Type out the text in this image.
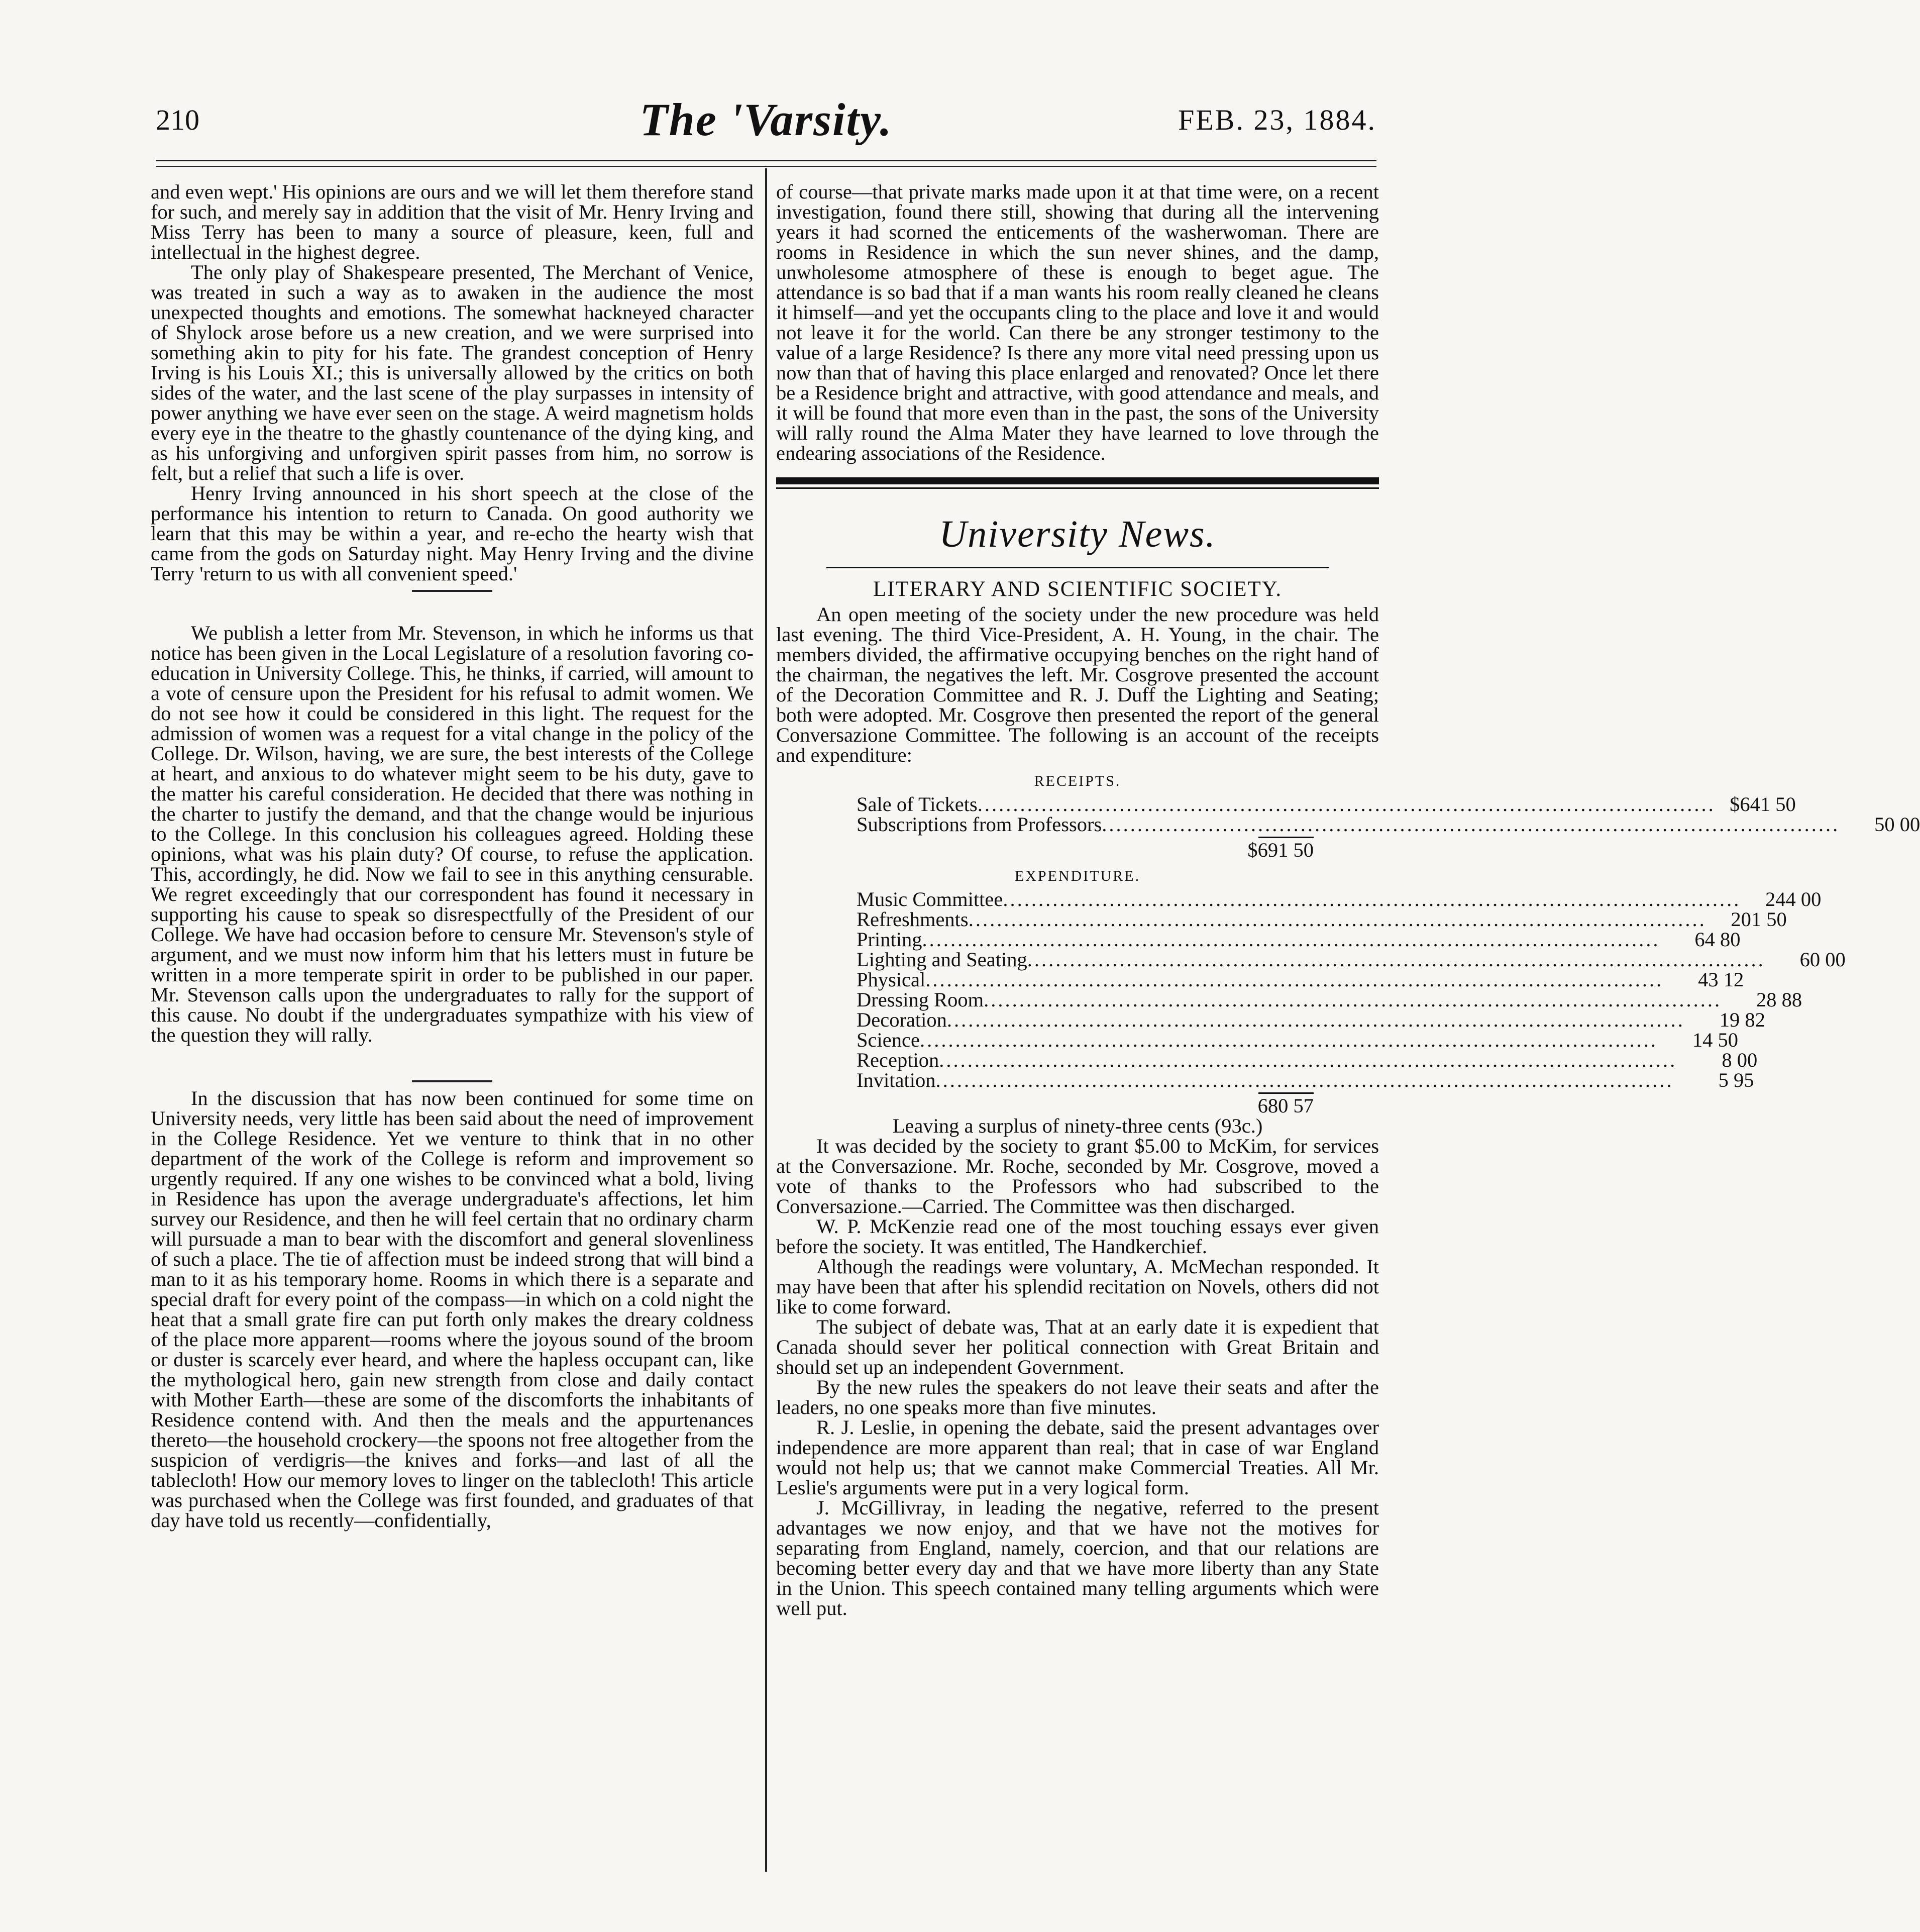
210	The 'Varsity.	FEB. 23, 1884.

and even wept.' His opinions are ours and we will let them therefore stand for such, and merely say in addition that the visit of Mr. Henry Irving and Miss Terry has been to many a source of pleasure, keen, full and intellectual in the highest degree.

The only play of Shakespeare presented, The Merchant of Venice, was treated in such a way as to awaken in the audience the most unexpected thoughts and emotions. The somewhat hackneyed character of Shylock arose before us a new creation, and we were surprised into something akin to pity for his fate. The grandest conception of Henry Irving is his Louis XI.; this is universally allowed by the critics on both sides of the water, and the last scene of the play surpasses in intensity of power anything we have ever seen on the stage. A weird magnetism holds every eye in the theatre to the ghastly countenance of the dying king, and as his unforgiving and unforgiven spirit passes from him, no sorrow is felt, but a relief that such a life is over.

Henry Irving announced in his short speech at the close of the performance his intention to return to Canada. On good authority we learn that this may be within a year, and re-echo the hearty wish that came from the gods on Saturday night. May Henry Irving and the divine Terry 'return to us with all convenient speed.'

We publish a letter from Mr. Stevenson, in which he informs us that notice has been given in the Local Legislature of a resolution favoring co-education in University College. This, he thinks, if carried, will amount to a vote of censure upon the President for his refusal to admit women. We do not see how it could be considered in this light. The request for the admission of women was a request for a vital change in the policy of the College. Dr. Wilson, having, we are sure, the best interests of the College at heart, and anxious to do whatever might seem to be his duty, gave to the matter his careful consideration. He decided that there was nothing in the charter to justify the demand, and that the change would be injurious to the College. In this conclusion his colleagues agreed. Holding these opinions, what was his plain duty? Of course, to refuse the application. This, accordingly, he did. Now we fail to see in this anything censurable. We regret exceedingly that our correspondent has found it necessary in supporting his cause to speak so disrespectfully of the President of our College. We have had occasion before to censure Mr. Stevenson's style of argument, and we must now inform him that his letters must in future be written in a more temperate spirit in order to be published in our paper. Mr. Stevenson calls upon the undergraduates to rally for the support of this cause. No doubt if the undergraduates sympathize with his view of the question they will rally.

In the discussion that has now been continued for some time on University needs, very little has been said about the need of improvement in the College Residence. Yet we venture to think that in no other department of the work of the College is reform and improvement so urgently required. If any one wishes to be convinced what a bold, living in Residence has upon the average undergraduate's affections, let him survey our Residence, and then he will feel certain that no ordinary charm will pursuade a man to bear with the discomfort and general slovenliness of such a place. The tie of affection must be indeed strong that will bind a man to it as his temporary home. Rooms in which there is a separate and special draft for every point of the compass—in which on a cold night the heat that a small grate fire can put forth only makes the dreary coldness of the place more apparent—rooms where the joyous sound of the broom or duster is scarcely ever heard, and where the hapless occupant can, like the mythological hero, gain new strength from close and daily contact with Mother Earth—these are some of the discomforts the inhabitants of Residence contend with. And then the meals and the appurtenances thereto—the household crockery—the spoons not free altogether from the suspicion of verdigris—the knives and forks—and last of all the tablecloth! How our memory loves to linger on the tablecloth! This article was purchased when the College was first founded, and graduates of that day have told us recently—confidentially,

of course—that private marks made upon it at that time were, on a recent investigation, found there still, showing that during all the intervening years it had scorned the enticements of the washerwoman. There are rooms in Residence in which the sun never shines, and the damp, unwholesome atmosphere of these is enough to beget ague. The attendance is so bad that if a man wants his room really cleaned he cleans it himself—and yet the occupants cling to the place and love it and would not leave it for the world. Can there be any stronger testimony to the value of a large Residence? Is there any more vital need pressing upon us now than that of having this place enlarged and renovated? Once let there be a Residence bright and attractive, with good attendance and meals, and it will be found that more even than in the past, the sons of the University will rally round the Alma Mater they have learned to love through the endearing associations of the Residence.

University News.
LITERARY AND SCIENTIFIC SOCIETY.

An open meeting of the society under the new procedure was held last evening. The third Vice-President, A. H. Young, in the chair. The members divided, the affirmative occupying benches on the right hand of the chairman, the negatives the left. Mr. Cosgrove presented the account of the Decoration Committee and R. J. Duff the Lighting and Seating; both were adopted. Mr. Cosgrove then presented the report of the general Conversazione Committee. The following is an account of the receipts and expenditure:

RECEIPTS.
Sale of Tickets ........................................................................................................ $641 50
Subscriptions from Professors ........................................................................................................	50 00
$691 50
EXPENDITURE.
Music Committee ........................................................................................................	244 00
Refreshments ........................................................................................................	201 50
Printing ........................................................................................................	64 80
Lighting and Seating ........................................................................................................	60 00
Physical ........................................................................................................	43 12
Dressing Room ........................................................................................................	28 88
Decoration ........................................................................................................	19 82
Science ........................................................................................................	14 50
Reception ........................................................................................................	8 00
Invitation ........................................................................................................	5 95
680 57

Leaving a surplus of ninety-three cents (93c.)

It was decided by the society to grant $5.00 to McKim, for services at the Conversazione. Mr. Roche, seconded by Mr. Cosgrove, moved a vote of thanks to the Professors who had subscribed to the Conversazione.—Carried. The Committee was then discharged.

W. P. McKenzie read one of the most touching essays ever given before the society. It was entitled, The Handkerchief.

Although the readings were voluntary, A. McMechan responded. It may have been that after his splendid recitation on Novels, others did not like to come forward.

The subject of debate was, That at an early date it is expedient that Canada should sever her political connection with Great Britain and should set up an independent Government.

By the new rules the speakers do not leave their seats and after the leaders, no one speaks more than five minutes.

R. J. Leslie, in opening the debate, said the present advantages over independence are more apparent than real; that in case of war England would not help us; that we cannot make Commercial Treaties. All Mr. Leslie's arguments were put in a very logical form.

J. McGillivray, in leading the negative, referred to the present advantages we now enjoy, and that we have not the motives for separating from England, namely, coercion, and that our relations are becoming better every day and that we have more liberty than any State in the Union. This speech contained many telling arguments which were well put.
